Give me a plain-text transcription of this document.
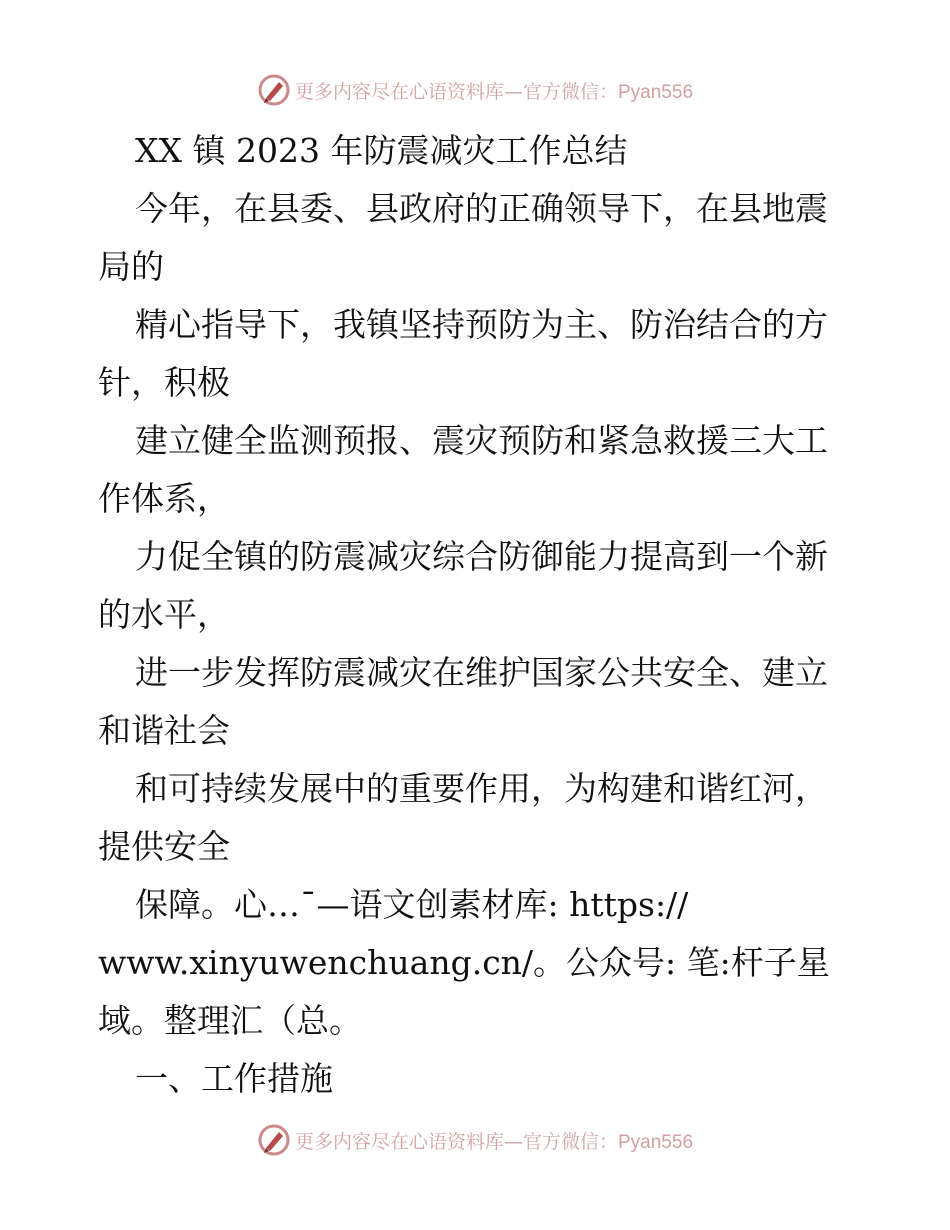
更多内容尽在心语资料库—官方微信：Pyan556
XX 镇 2023 年防震减灾工作总结
今年，在县委、县政府的正确领导下，在县地震
局的
精心指导下，我镇坚持预防为主、防治结合的方
针，积极
建立健全监测预报、震灾预防和紧急救援三大工
作体系，
力促全镇的防震减灾综合防御能力提高到一个新
的水平，
进一步发挥防震减灾在维护国家公共安全、建立
和谐社会
和可持续发展中的重要作用，为构建和谐红河，
提供安全
保障。心…¯—语文创素材库: https://
www.xinyuwenchuang.cn/。公众号: 笔:杆子星
域。整理汇（总。
一、工作措施
更多内容尽在心语资料库—官方微信：Pyan556
